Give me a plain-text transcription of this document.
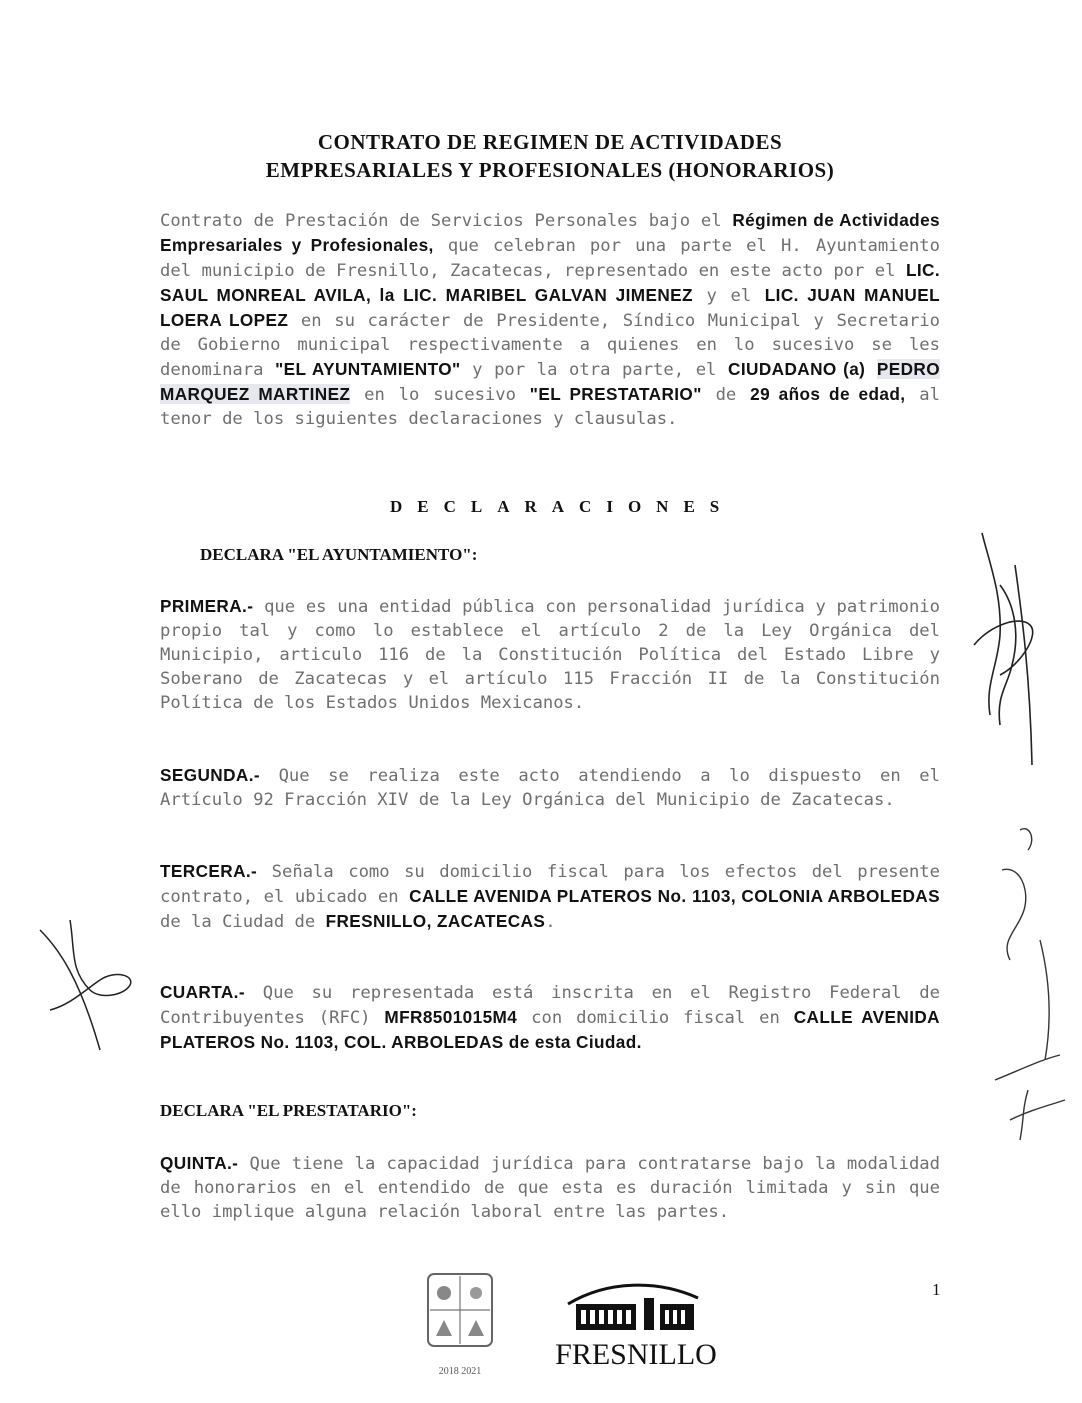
CONTRATO DE REGIMEN DE ACTIVIDADES
EMPRESARIALES Y PROFESIONALES (HONORARIOS)
Contrato de Prestación de Servicios Personales bajo el Régimen de Actividades Empresariales y Profesionales, que celebran por una parte el H. Ayuntamiento del municipio de Fresnillo, Zacatecas, representado en este acto por el LIC. SAUL MONREAL AVILA, la LIC. MARIBEL GALVAN JIMENEZ y el LIC. JUAN MANUEL LOERA LOPEZ en su carácter de Presidente, Síndico Municipal y Secretario de Gobierno municipal respectivamente a quienes en lo sucesivo se les denominara "EL AYUNTAMIENTO" y por la otra parte, el CIUDADANO (a) PEDRO MARQUEZ MARTINEZ en lo sucesivo "EL PRESTATARIO" de 29 años de edad, al tenor de los siguientes declaraciones y clausulas.
DECLARACIONES
DECLARA "EL AYUNTAMIENTO":
PRIMERA.- que es una entidad pública con personalidad jurídica y patrimonio propio tal y como lo establece el artículo 2 de la Ley Orgánica del Municipio, articulo 116 de la Constitución Política del Estado Libre y Soberano de Zacatecas y el artículo 115 Fracción II de la Constitución Política de los Estados Unidos Mexicanos.
SEGUNDA.- Que se realiza este acto atendiendo a lo dispuesto en el Artículo 92 Fracción XIV de la Ley Orgánica del Municipio de Zacatecas.
TERCERA.- Señala como su domicilio fiscal para los efectos del presente contrato, el ubicado en CALLE AVENIDA PLATEROS No. 1103, COLONIA ARBOLEDAS de la Ciudad de FRESNILLO, ZACATECAS.
CUARTA.- Que su representada está inscrita en el Registro Federal de Contribuyentes (RFC) MFR8501015M4 con domicilio fiscal en CALLE AVENIDA PLATEROS No. 1103, COL. ARBOLEDAS de esta Ciudad.
DECLARA "EL PRESTATARIO":
QUINTA.- Que tiene la capacidad jurídica para contratarse bajo la modalidad de honorarios en el entendido de que esta es duración limitada y sin que ello implique alguna relación laboral entre las partes.
1
2018 2021
FRESNILLO
